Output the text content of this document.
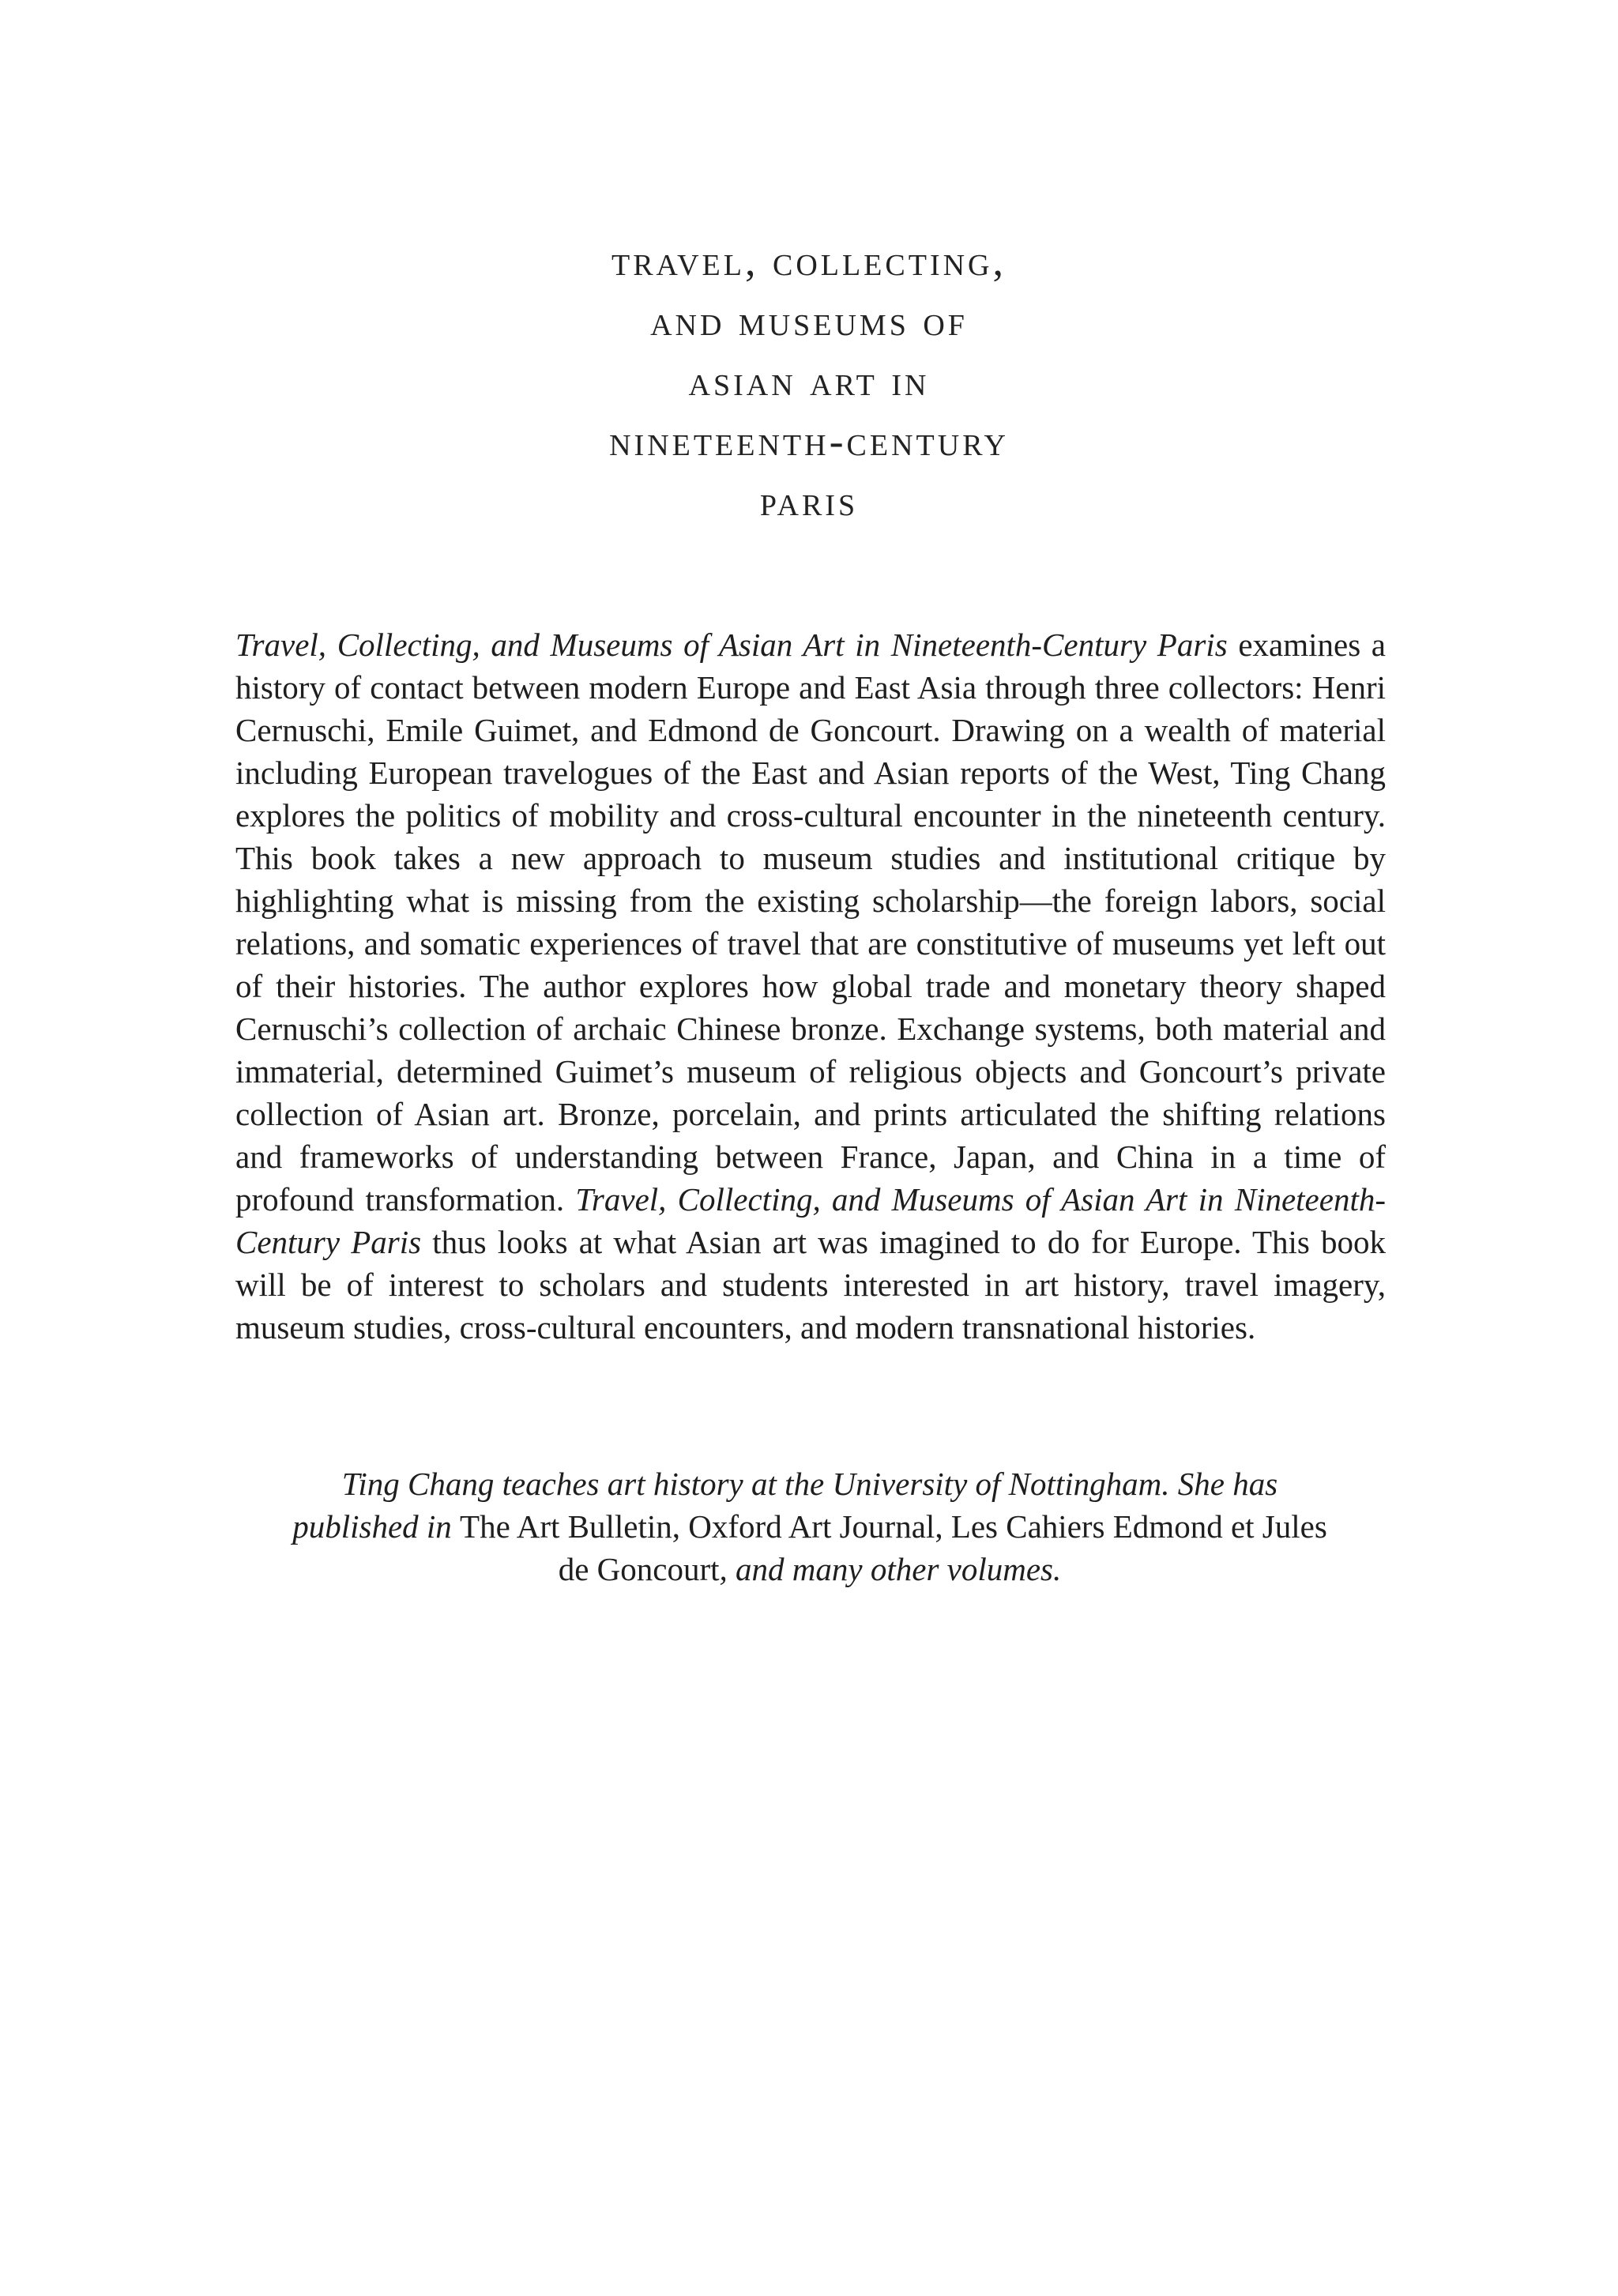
travel, collecting,
and museums of
asian art in
nineteenth-century
paris

Travel, Collecting, and Museums of Asian Art in Nineteenth-Century Paris examines a history of contact between modern Europe and East Asia through three collectors: Henri Cernuschi, Emile Guimet, and Edmond de Goncourt. Drawing on a wealth of material including European travelogues of the East and Asian reports of the West, Ting Chang explores the politics of mobility and cross-cultural encounter in the nineteenth century. This book takes a new approach to museum studies and institutional critique by highlighting what is missing from the existing scholarship—the foreign labors, social relations, and somatic experiences of travel that are constitutive of museums yet left out of their histories. The author explores how global trade and monetary theory shaped Cernuschi’s collection of archaic Chinese bronze. Exchange systems, both material and immaterial, determined Guimet’s museum of religious objects and Goncourt’s private collection of Asian art. Bronze, porcelain, and prints articulated the shifting relations and frameworks of understanding between France, Japan, and China in a time of profound transformation. Travel, Collecting, and Museums of Asian Art in Nineteenth-Century Paris thus looks at what Asian art was imagined to do for Europe. This book will be of interest to scholars and students interested in art history, travel imagery, museum studies, cross-cultural encounters, and modern transnational histories.

Ting Chang teaches art history at the University of Nottingham. She has published in The Art Bulletin, Oxford Art Journal, Les Cahiers Edmond et Jules de Goncourt, and many other volumes.
